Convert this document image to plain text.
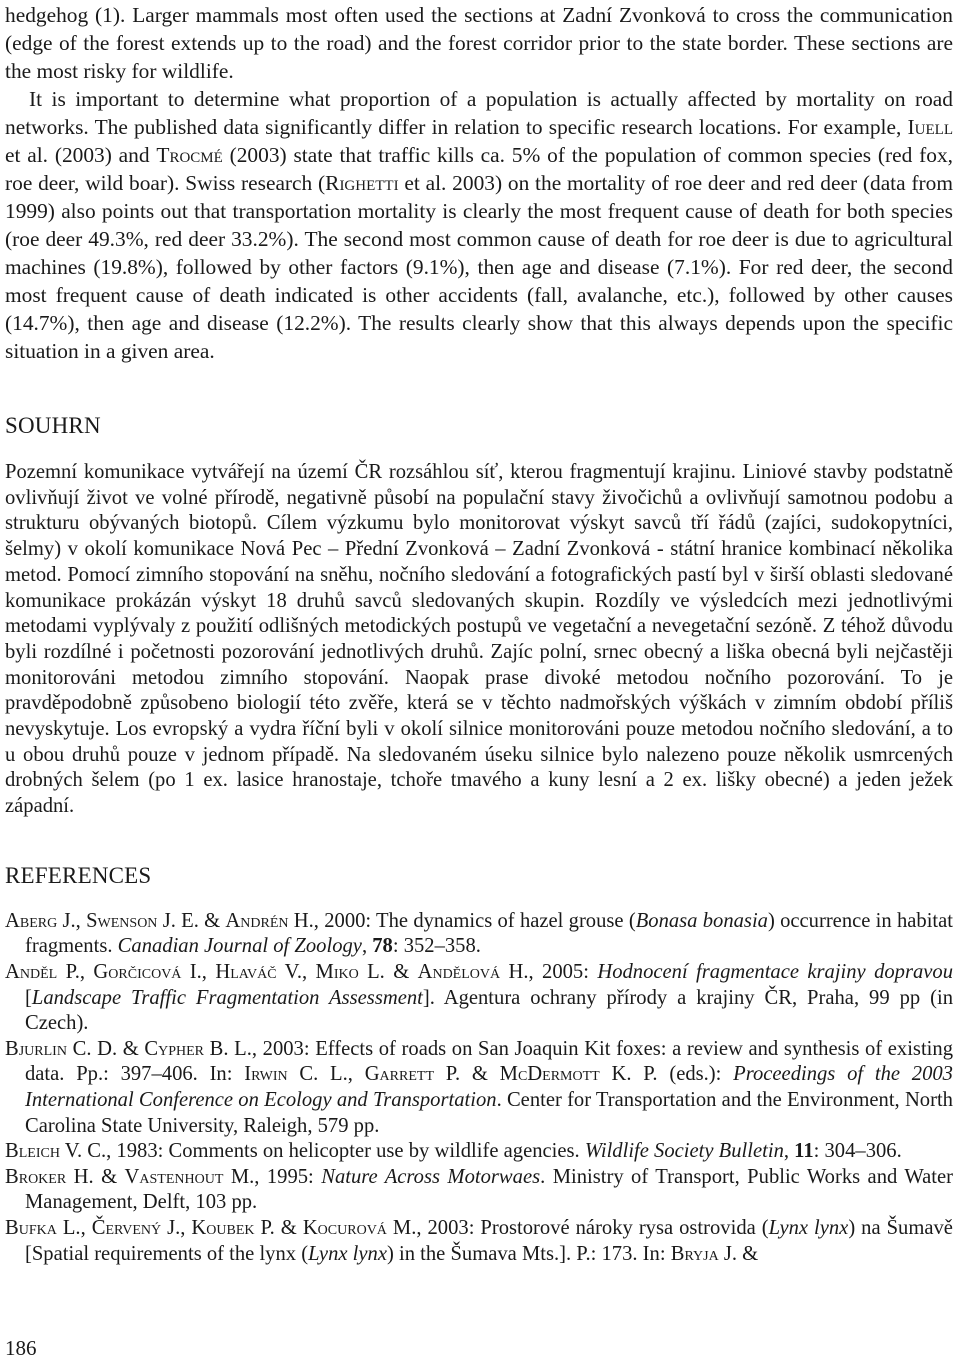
hedgehog (1). Larger mammals most often used the sections at Zadní Zvonková to cross the communication (edge of the forest extends up to the road) and the forest corridor prior to the state border. These sections are the most risky for wildlife.

It is important to determine what proportion of a population is actually affected by mortality on road networks. The published data significantly differ in relation to specific research locations. For example, Iuell et al. (2003) and Trocmé (2003) state that traffic kills ca. 5% of the population of common species (red fox, roe deer, wild boar). Swiss research (Righetti et al. 2003) on the mortality of roe deer and red deer (data from 1999) also points out that transportation mortality is clearly the most frequent cause of death for both species (roe deer 49.3%, red deer 33.2%). The second most common cause of death for roe deer is due to agricultural machines (19.8%), followed by other factors (9.1%), then age and disease (7.1%). For red deer, the second most frequent cause of death indicated is other accidents (fall, avalanche, etc.), followed by other causes (14.7%), then age and disease (12.2%). The results clearly show that this always depends upon the specific situation in a given area.

SOUHRN

Pozemní komunikace vytvářejí na území ČR rozsáhlou síť, kterou fragmentují krajinu. Liniové stavby podstatně ovlivňují život ve volné přírodě, negativně působí na populační stavy živočichů a ovlivňují samotnou podobu a strukturu obývaných biotopů. Cílem výzkumu bylo monitorovat výskyt savců tří řádů (zajíci, sudokopytníci, šelmy) v okolí komunikace Nová Pec – Přední Zvonková – Zadní Zvonková - státní hranice kombinací několika metod. Pomocí zimního stopování na sněhu, nočního sledování a fotografických pastí byl v širší oblasti sledované komunikace prokázán výskyt 18 druhů savců sledovaných skupin. Rozdíly ve výsledcích mezi jednotlivými metodami vyplývaly z použití odlišných metodických postupů ve vegetační a nevegetační sezóně. Z téhož důvodu byli rozdílné i početnosti pozorování jednotlivých druhů. Zajíc polní, srnec obecný a liška obecná byli nejčastěji monitorováni metodou zimního stopování. Naopak prase divoké metodou nočního pozorování. To je pravděpodobně způsobeno biologií této zvěře, která se v těchto nadmořských výškách v zimním období příliš nevyskytuje. Los evropský a vydra říční byli v okolí silnice monitorováni pouze metodou nočního sledování, a to u obou druhů pouze v jednom případě. Na sledovaném úseku silnice bylo nalezeno pouze několik usmrcených drobných šelem (po 1 ex. lasice hranostaje, tchoře tmavého a kuny lesní a 2 ex. lišky obecné) a jeden ježek západní.

REFERENCES

Aberg J., Swenson J. E. & Andrén H., 2000: The dynamics of hazel grouse (Bonasa bonasia) occurrence in habitat fragments. Canadian Journal of Zoology, 78: 352–358.

Anděl P., Gorčicová I., Hlaváč V., Miko L. & Andělová H., 2005: Hodnocení fragmentace krajiny dopravou [Landscape Traffic Fragmentation Assessment]. Agentura ochrany přírody a krajiny ČR, Praha, 99 pp (in Czech).

Bjurlin C. D. & Cypher B. L., 2003: Effects of roads on San Joaquin Kit foxes: a review and synthesis of existing data. Pp.: 397–406. In: Irwin C. L., Garrett P. & McDermott K. P. (eds.): Proceedings of the 2003 International Conference on Ecology and Transportation. Center for Transportation and the Environment, North Carolina State University, Raleigh, 579 pp.

Bleich V. C., 1983: Comments on helicopter use by wildlife agencies. Wildlife Society Bulletin, 11: 304–306.

Broker H. & Vastenhout M., 1995: Nature Across Motorwaes. Ministry of Transport, Public Works and Water Management, Delft, 103 pp.

Bufka L., Červený J., Koubek P. & Kocurová M., 2003: Prostorové nároky rysa ostrovida (Lynx lynx) na Šumavě [Spatial requirements of the lynx (Lynx lynx) in the Šumava Mts.]. P.: 173. In: Bryja J. &

186
